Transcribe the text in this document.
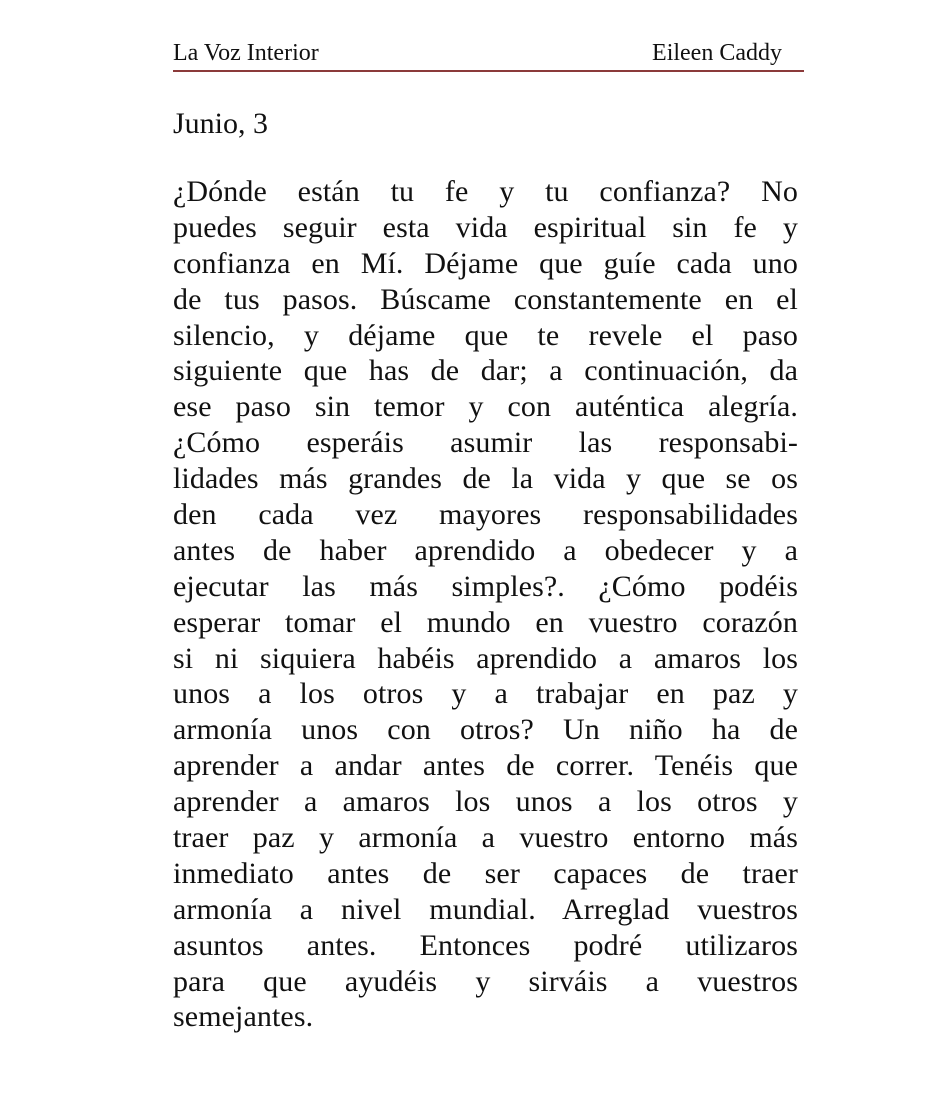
La Voz Interior	Eileen Caddy
Junio, 3
¿Dónde están tu fe y tu confianza? No
puedes seguir esta vida espiritual sin fe y
confianza en Mí. Déjame que guíe cada uno
de tus pasos. Búscame constantemente en el
silencio, y déjame que te revele el paso
siguiente que has de dar; a continuación, da
ese paso sin temor y con auténtica alegría.
¿Cómo esperáis asumir las responsabi-
lidades más grandes de la vida y que se os
den cada vez mayores responsabilidades
antes de haber aprendido a obedecer y a
ejecutar las más simples?. ¿Cómo podéis
esperar tomar el mundo en vuestro corazón
si ni siquiera habéis aprendido a amaros los
unos a los otros y a trabajar en paz y
armonía unos con otros? Un niño ha de
aprender a andar antes de correr. Tenéis que
aprender a amaros los unos a los otros y
traer paz y armonía a vuestro entorno más
inmediato antes de ser capaces de traer
armonía a nivel mundial. Arreglad vuestros
asuntos antes. Entonces podré utilizaros
para que ayudéis y sirváis a vuestros
semejantes.
